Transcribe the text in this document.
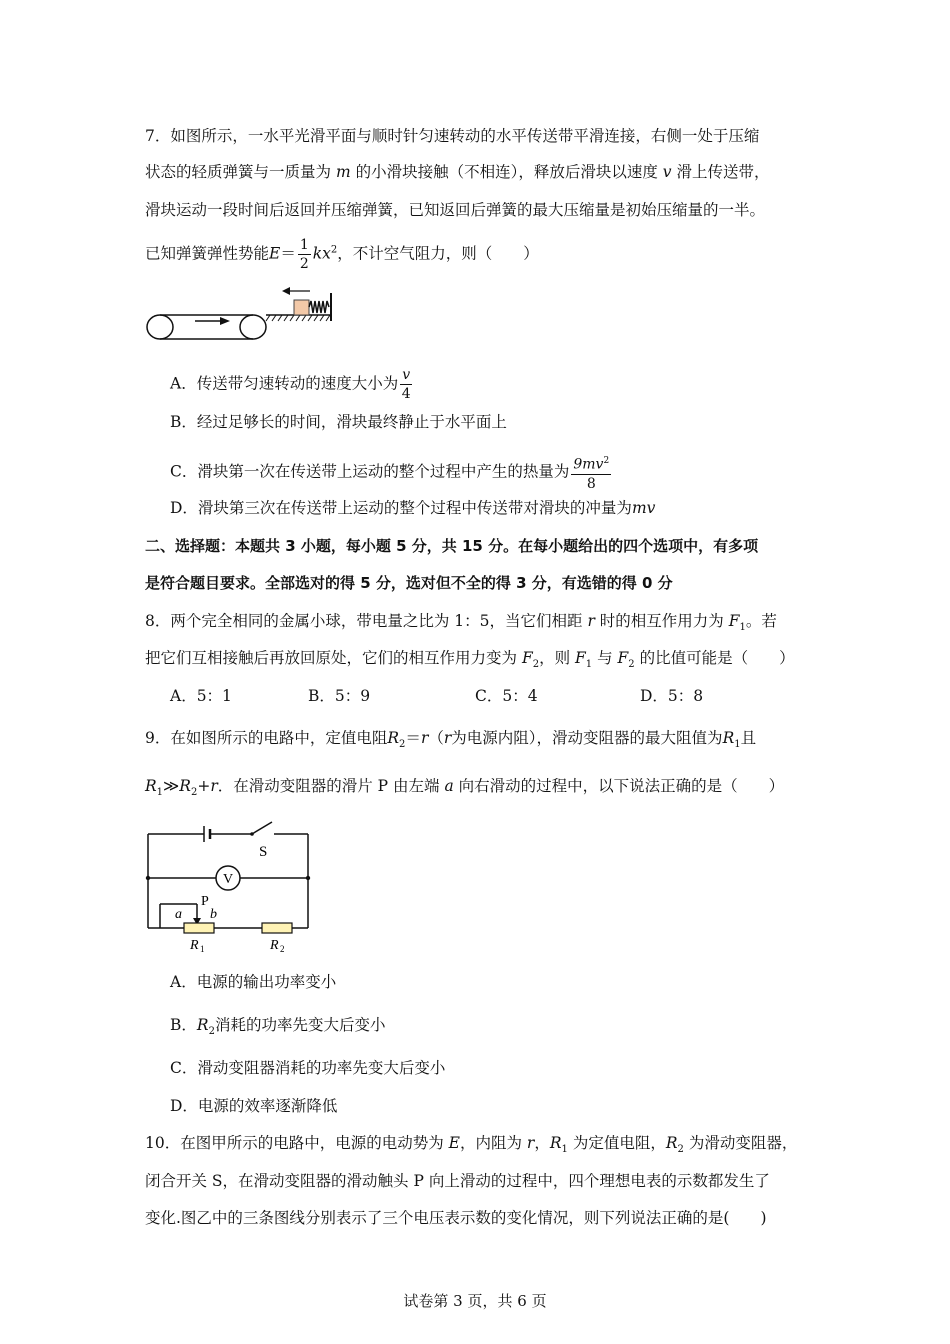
7．如图所示，一水平光滑平面与顺时针匀速转动的水平传送带平滑连接，右侧一处于压缩
状态的轻质弹簧与一质量为 m 的小滑块接触（不相连），释放后滑块以速度 v 滑上传送带，
滑块运动一段时间后返回并压缩弹簧，已知返回后弹簧的最大压缩量是初始压缩量的一半。
已知弹簧弹性势能$E= \frac{1}{2} kx^2$，不计空气阻力，则（　　）
A．传送带匀速转动的速度大小为 $\frac{v}{4}$
B．经过足够长的时间，滑块最终静止于水平面上
C．滑块第一次在传送带上运动的整个过程中产生的热量为 $\frac{9mv^2}{8}$
D．滑块第三次在传送带上运动的整个过程中传送带对滑块的冲量为mv
二、选择题：本题共 3 小题，每小题 5 分，共 15 分。在每小题给出的四个选项中，有多项
是符合题目要求。全部选对的得 5 分，选对但不全的得 3 分，有选错的得 0 分
8．两个完全相同的金属小球，带电量之比为 1：5，当它们相距 r 时的相互作用力为 $F_1$。若
把它们互相接触后再放回原处，它们的相互作用力变为 $F_2$，则 $F_1$ 与 $F_2$ 的比值可能是（　　）
A．5：1	B．5：9	C．5：4	D．5：8
9．在如图所示的电路中，定值电阻$R_2=r(r$为电源内阻），滑动变阻器的最大阻值为$R_1$且
$R_1≫R_2+r$．在滑动变阻器的滑片 P 由左端 a 向右滑动的过程中，以下说法正确的是（　　）
S
V
P
a b
R 1	R 2
A．电源的输出功率变小
B．$R_2$消耗的功率先变大后变小
C．滑动变阻器消耗的功率先变大后变小
D．电源的效率逐渐降低
10．在图甲所示的电路中，电源的电动势为 E，内阻为 r，$R_1$ 为定值电阻，$R_2$ 为滑动变阻器，
闭合开关 S，在滑动变阻器的滑动触头 P 向上滑动的过程中，四个理想电表的示数都发生了
变化.图乙中的三条图线分别表示了三个电压表示数的变化情况，则下列说法正确的是(　　)
试卷第 3 页，共 6 页
